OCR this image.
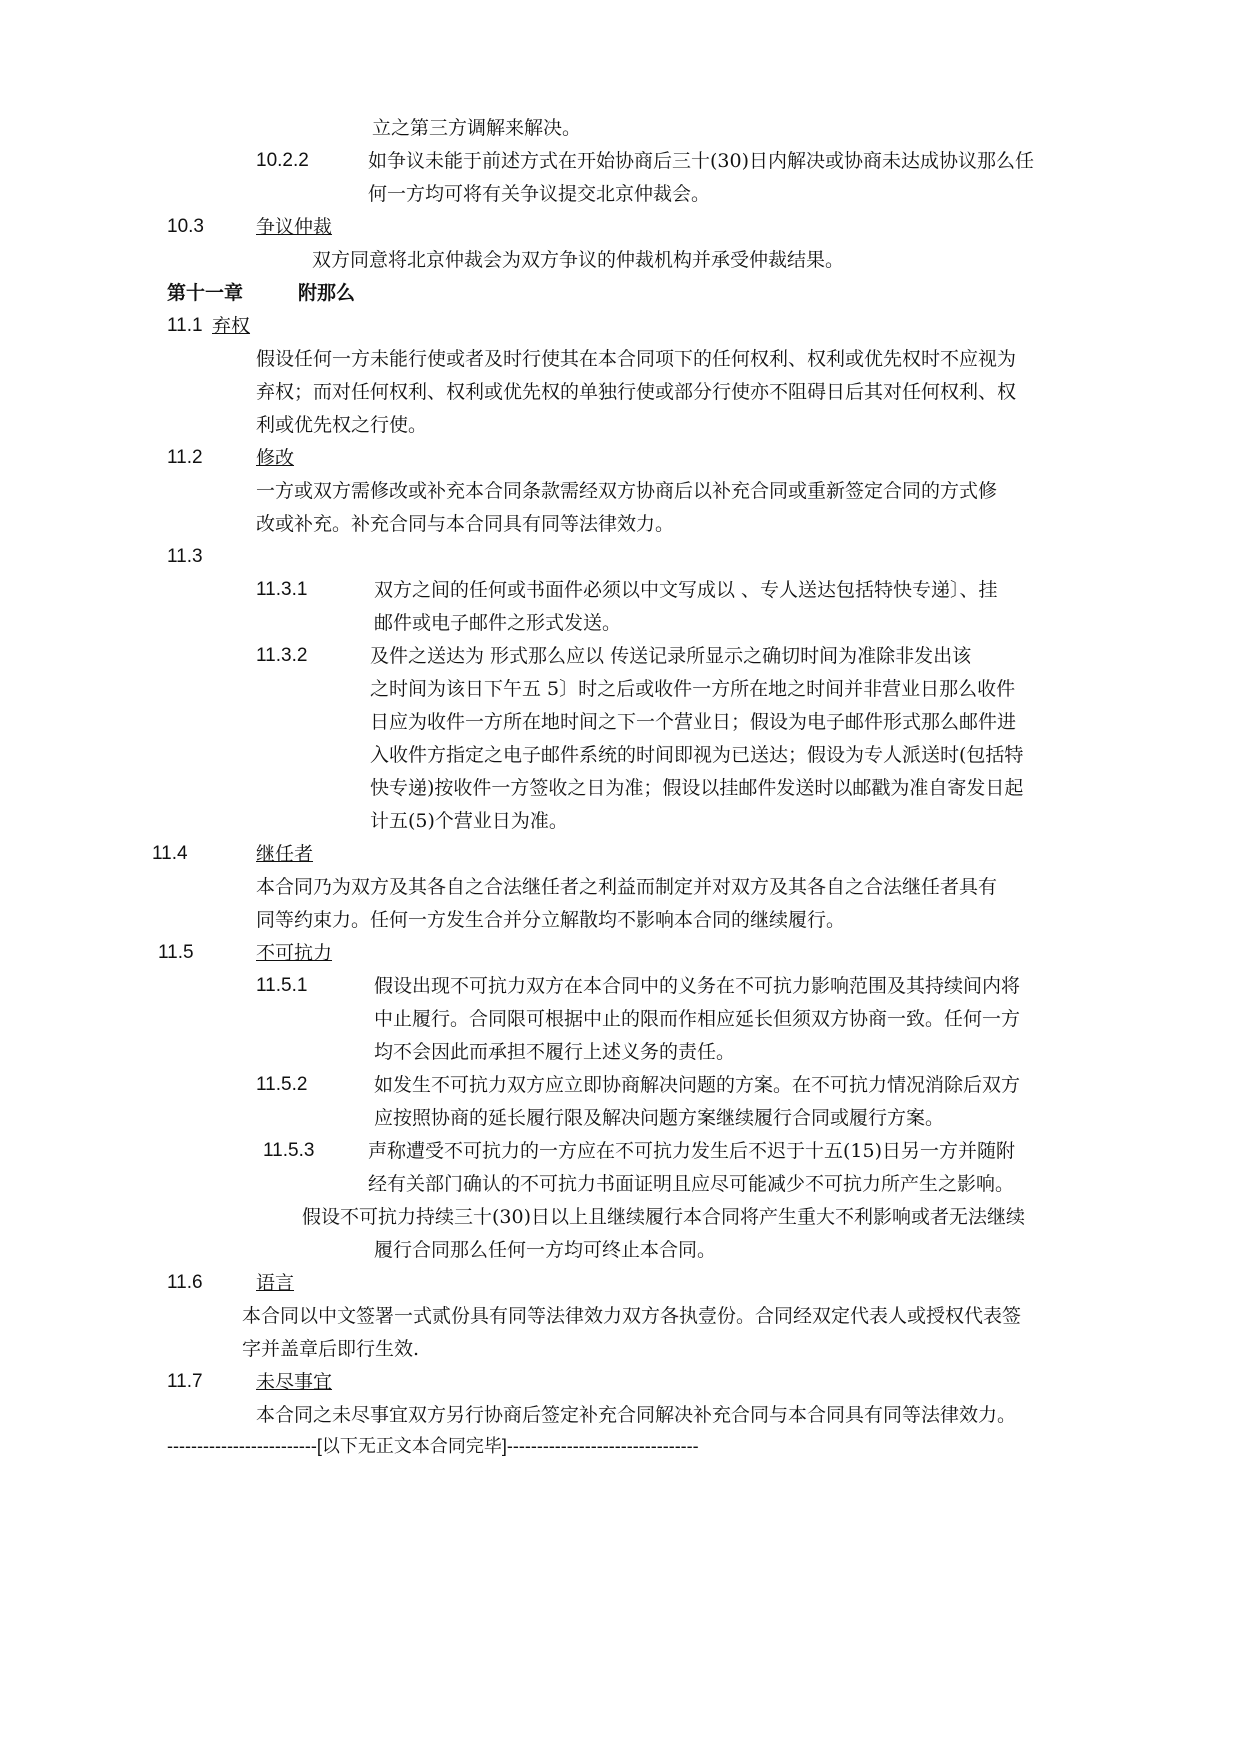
立之第三方调解来解决。
10.2.2	如争议未能于前述方式在开始协商后三十(30)日内解决或协商未达成协议那么任
何一方均可将有关争议提交北京仲裁会。
10.3	争议仲裁
双方同意将北京仲裁会为双方争议的仲裁机构并承受仲裁结果。
第十一章	附那么
11.1 弃权
假设任何一方未能行使或者及时行使其在本合同项下的任何权利、权利或优先权时不应视为
弃权；而对任何权利、权利或优先权的单独行使或部分行使亦不阻碍日后其对任何权利、权
利或优先权之行使。
11.2	修改
一方或双方需修改或补充本合同条款需经双方协商后以补充合同或重新签定合同的方式修
改或补充。补充合同与本合同具有同等法律效力。
11.3
11.3.1	双方之间的任何或书面件必须以中文写成以 、专人送达包括特快专递〕、挂
邮件或电子邮件之形式发送。
11.3.2	及件之送达为 形式那么应以 传送记录所显示之确切时间为准除非发出该
之时间为该日下午五 5〕时之后或收件一方所在地之时间并非营业日那么收件
日应为收件一方所在地时间之下一个营业日；假设为电子邮件形式那么邮件进
入收件方指定之电子邮件系统的时间即视为已送达；假设为专人派送时(包括特
快专递)按收件一方签收之日为准；假设以挂邮件发送时以邮戳为准自寄发日起
计五(5)个营业日为准。
11.4	继任者
本合同乃为双方及其各自之合法继任者之利益而制定并对双方及其各自之合法继任者具有
同等约束力。任何一方发生合并分立解散均不影响本合同的继续履行。
11.5	不可抗力
11.5.1	假设出现不可抗力双方在本合同中的义务在不可抗力影响范围及其持续间内将
中止履行。合同限可根据中止的限而作相应延长但须双方协商一致。任何一方
均不会因此而承担不履行上述义务的责任。
11.5.2	如发生不可抗力双方应立即协商解决问题的方案。在不可抗力情况消除后双方
应按照协商的延长履行限及解决问题方案继续履行合同或履行方案。
11.5.3	声称遭受不可抗力的一方应在不可抗力发生后不迟于十五(15)日另一方并随附
经有关部门确认的不可抗力书面证明且应尽可能减少不可抗力所产生之影响。
假设不可抗力持续三十(30)日以上且继续履行本合同将产生重大不利影响或者无法继续
履行合同那么任何一方均可终止本合同。
11.6	语言
本合同以中文签署一式贰份具有同等法律效力双方各执壹份。合同经双定代表人或授权代表签
字并盖章后即行生效.
11.7	未尽事宜
本合同之未尽事宜双方另行协商后签定补充合同解决补充合同与本合同具有同等法律效力。
-------------------------[以下无正文本合同完毕]--------------------------------
